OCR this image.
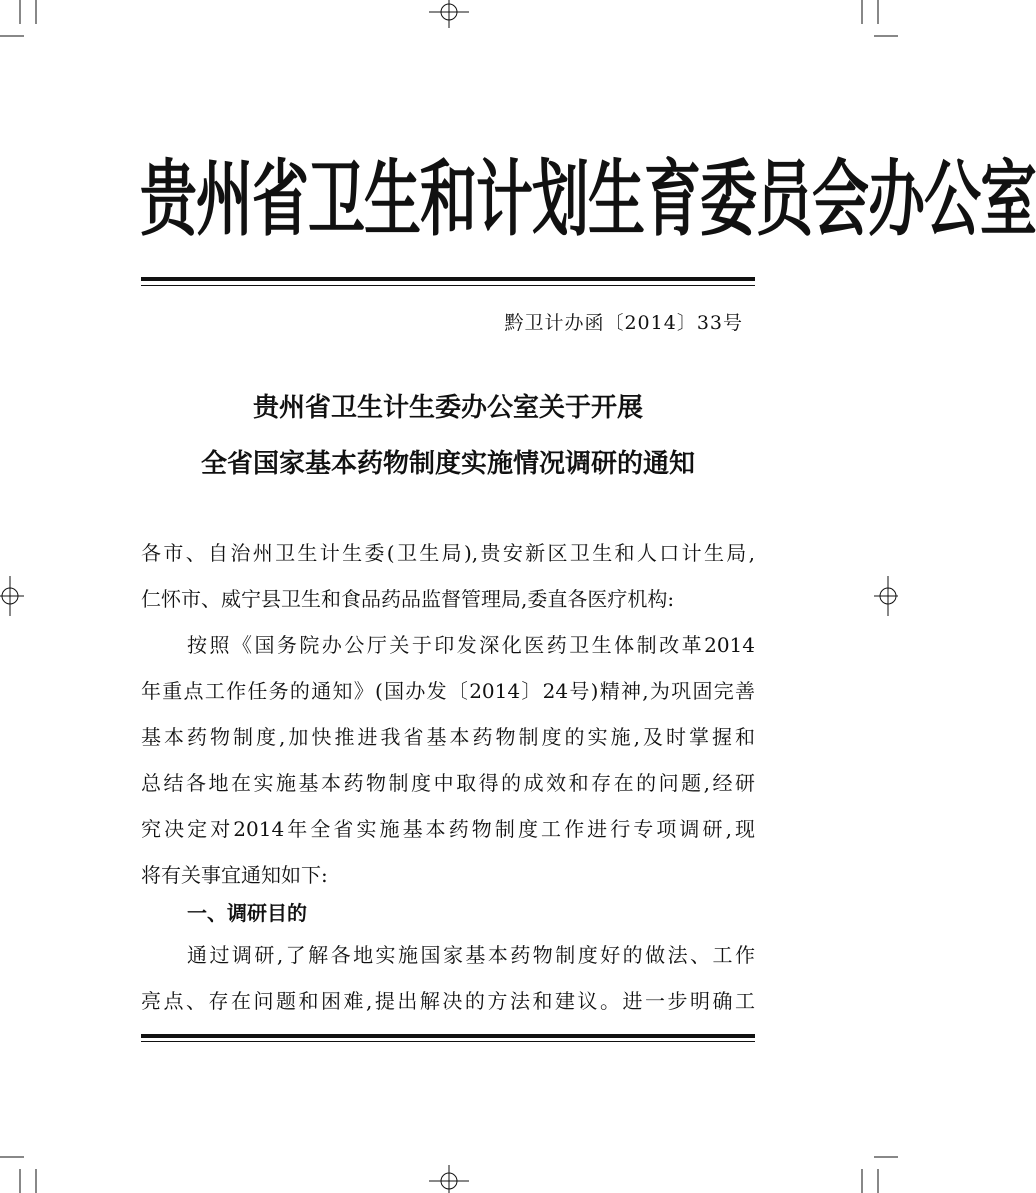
贵州省卫生和计划生育委员会办公室
黔卫计办函〔2014〕33号
贵州省卫生计生委办公室关于开展
全省国家基本药物制度实施情况调研的通知
各市、自治州卫生计生委(卫生局),贵安新区卫生和人口计生局,
仁怀市、威宁县卫生和食品药品监督管理局,委直各医疗机构:
按照《国务院办公厅关于印发深化医药卫生体制改革2014
年重点工作任务的通知》(国办发〔2014〕24号)精神,为巩固完善
基本药物制度,加快推进我省基本药物制度的实施,及时掌握和
总结各地在实施基本药物制度中取得的成效和存在的问题,经研
究决定对2014年全省实施基本药物制度工作进行专项调研,现
将有关事宜通知如下:
一、调研目的
通过调研,了解各地实施国家基本药物制度好的做法、工作
亮点、存在问题和困难,提出解决的方法和建议。进一步明确工
